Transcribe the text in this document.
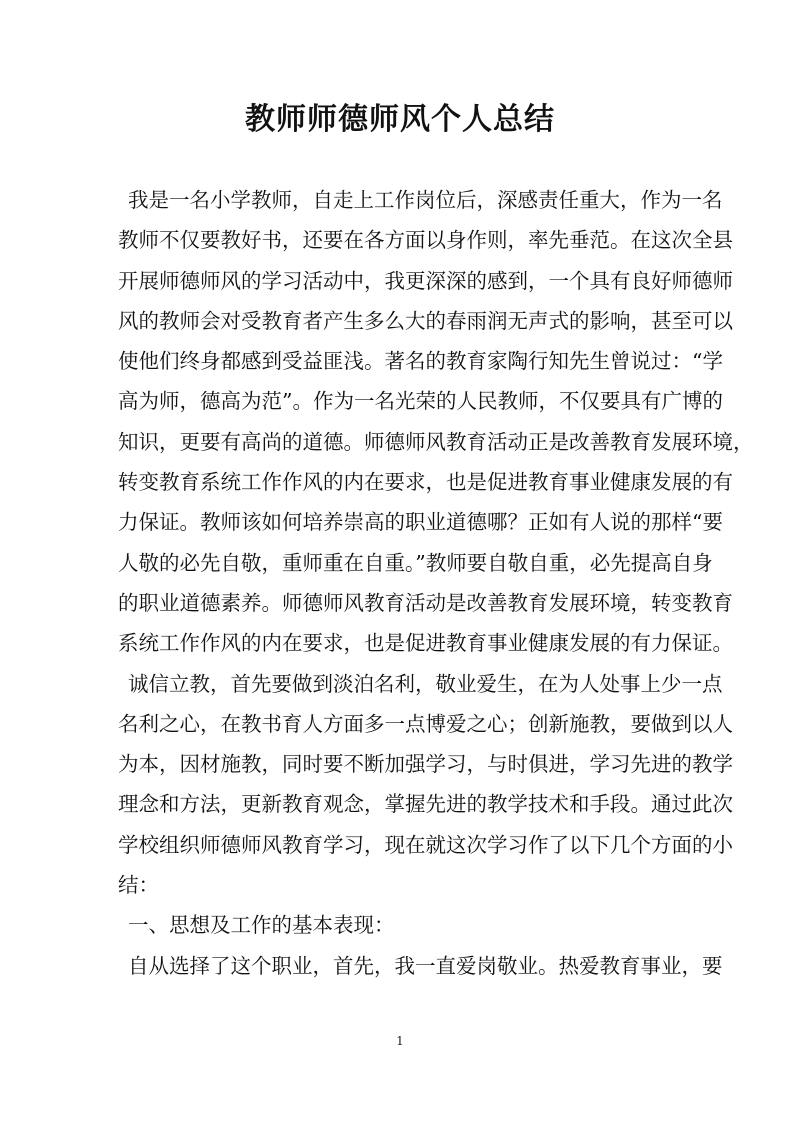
教师师德师风个人总结
我是一名小学教师，自走上工作岗位后，深感责任重大，作为一名
教师不仅要教好书，还要在各方面以身作则，率先垂范。在这次全县
开展师德师风的学习活动中，我更深深的感到，一个具有良好师德师
风的教师会对受教育者产生多么大的春雨润无声式的影响，甚至可以
使他们终身都感到受益匪浅。著名的教育家陶行知先生曾说过：“学
高为师，德高为范”。作为一名光荣的人民教师，不仅要具有广博的
知识，更要有高尚的道德。师德师风教育活动正是改善教育发展环境，
转变教育系统工作作风的内在要求，也是促进教育事业健康发展的有
力保证。教师该如何培养崇高的职业道德哪？正如有人说的那样“要
人敬的必先自敬，重师重在自重。”教师要自敬自重，必先提高自身
的职业道德素养。师德师风教育活动是改善教育发展环境，转变教育
系统工作作风的内在要求，也是促进教育事业健康发展的有力保证。
诚信立教，首先要做到淡泊名利，敬业爱生，在为人处事上少一点
名利之心，在教书育人方面多一点博爱之心；创新施教，要做到以人
为本，因材施教，同时要不断加强学习，与时俱进，学习先进的教学
理念和方法，更新教育观念，掌握先进的教学技术和手段。通过此次
学校组织师德师风教育学习，现在就这次学习作了以下几个方面的小
结：
一、思想及工作的基本表现：
自从选择了这个职业，首先，我一直爱岗敬业。热爱教育事业，要
1
